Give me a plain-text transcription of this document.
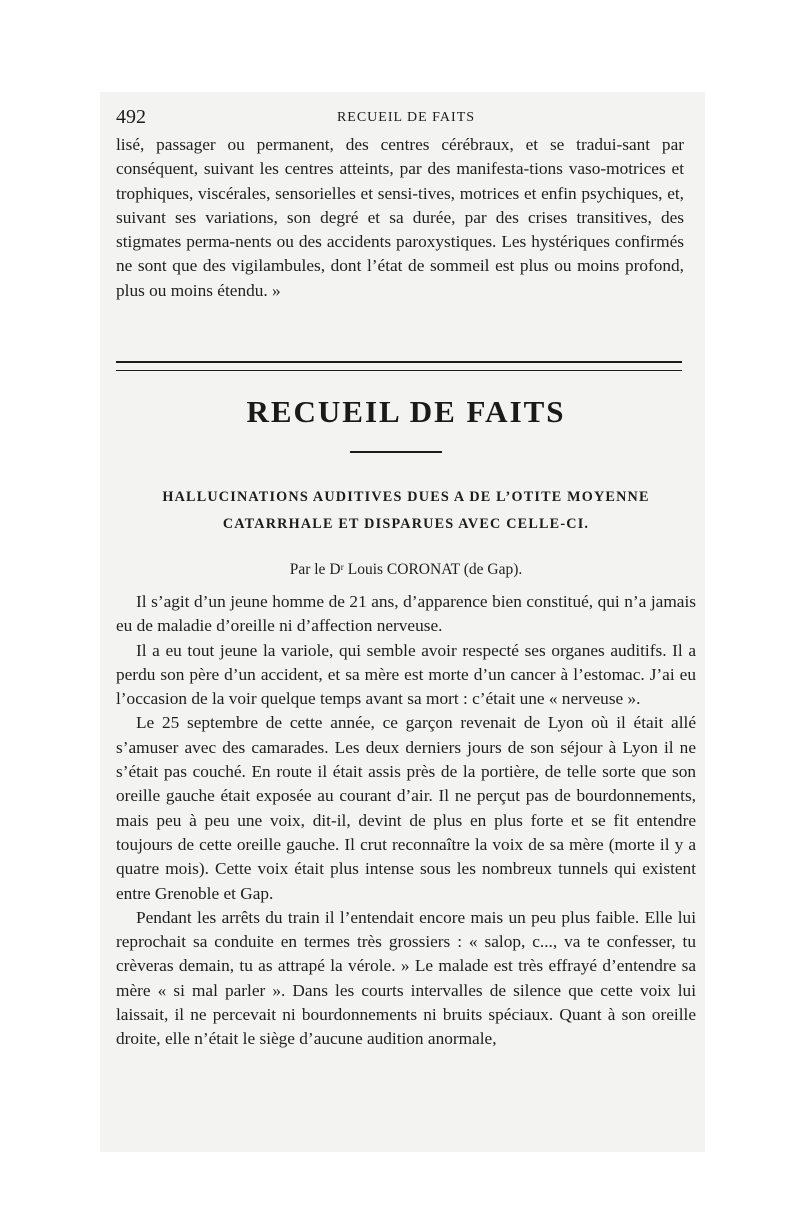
492	RECUEIL DE FAITS
lisé, passager ou permanent, des centres cérébraux, et se tradui-sant par conséquent, suivant les centres atteints, par des manifesta-tions vaso-motrices et trophiques, viscérales, sensorielles et sensi-tives, motrices et enfin psychiques, et, suivant ses variations, son degré et sa durée, par des crises transitives, des stigmates perma-nents ou des accidents paroxystiques. Les hystériques confirmés ne sont que des vigilambules, dont l’état de sommeil est plus ou moins profond, plus ou moins étendu. »
RECUEIL DE FAITS
HALLUCINATIONS AUDITIVES DUES A DE L’OTITE MOYENNE
CATARRHALE ET DISPARUES AVEC CELLE-CI.
Par le Dʳ Louis CORONAT (de Gap).

Il s’agit d’un jeune homme de 21 ans, d’apparence bien constitué, qui n’a jamais eu de maladie d’oreille ni d’affection nerveuse.

Il a eu tout jeune la variole, qui semble avoir respecté ses organes auditifs. Il a perdu son père d’un accident, et sa mère est morte d’un cancer à l’estomac. J’ai eu l’occasion de la voir quelque temps avant sa mort : c’était une « nerveuse ».

Le 25 septembre de cette année, ce garçon revenait de Lyon où il était allé s’amuser avec des camarades. Les deux derniers jours de son séjour à Lyon il ne s’était pas couché. En route il était assis près de la portière, de telle sorte que son oreille gauche était exposée au courant d’air. Il ne perçut pas de bourdonnements, mais peu à peu une voix, dit-il, devint de plus en plus forte et se fit entendre toujours de cette oreille gauche. Il crut reconnaître la voix de sa mère (morte il y a quatre mois). Cette voix était plus intense sous les nombreux tunnels qui existent entre Grenoble et Gap.

Pendant les arrêts du train il l’entendait encore mais un peu plus faible. Elle lui reprochait sa conduite en termes très grossiers : « salop, c..., va te confesser, tu crèveras demain, tu as attrapé la vérole. » Le malade est très effrayé d’entendre sa mère « si mal parler ». Dans les courts intervalles de silence que cette voix lui laissait, il ne percevait ni bourdonnements ni bruits spéciaux. Quant à son oreille droite, elle n’était le siège d’aucune audition anormale,
